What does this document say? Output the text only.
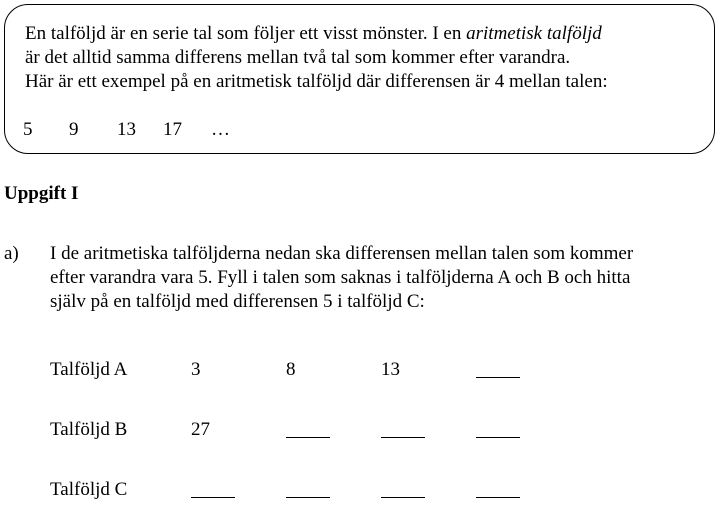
En talföljd är en serie tal som följer ett visst mönster. I en aritmetisk talföljd
är det alltid samma differens mellan två tal som kommer efter varandra.
Här är ett exempel på en aritmetisk talföljd där differensen är 4 mellan talen:
5 9 13 17 …
Uppgift I
a) I de aritmetiska talföljderna nedan ska differensen mellan talen som kommer
efter varandra vara 5. Fyll i talen som saknas i talföljderna A och B och hitta
själv på en talföljd med differensen 5 i talföljd C:
Talföljd A	3	8	13
Talföljd B	27
Talföljd C
